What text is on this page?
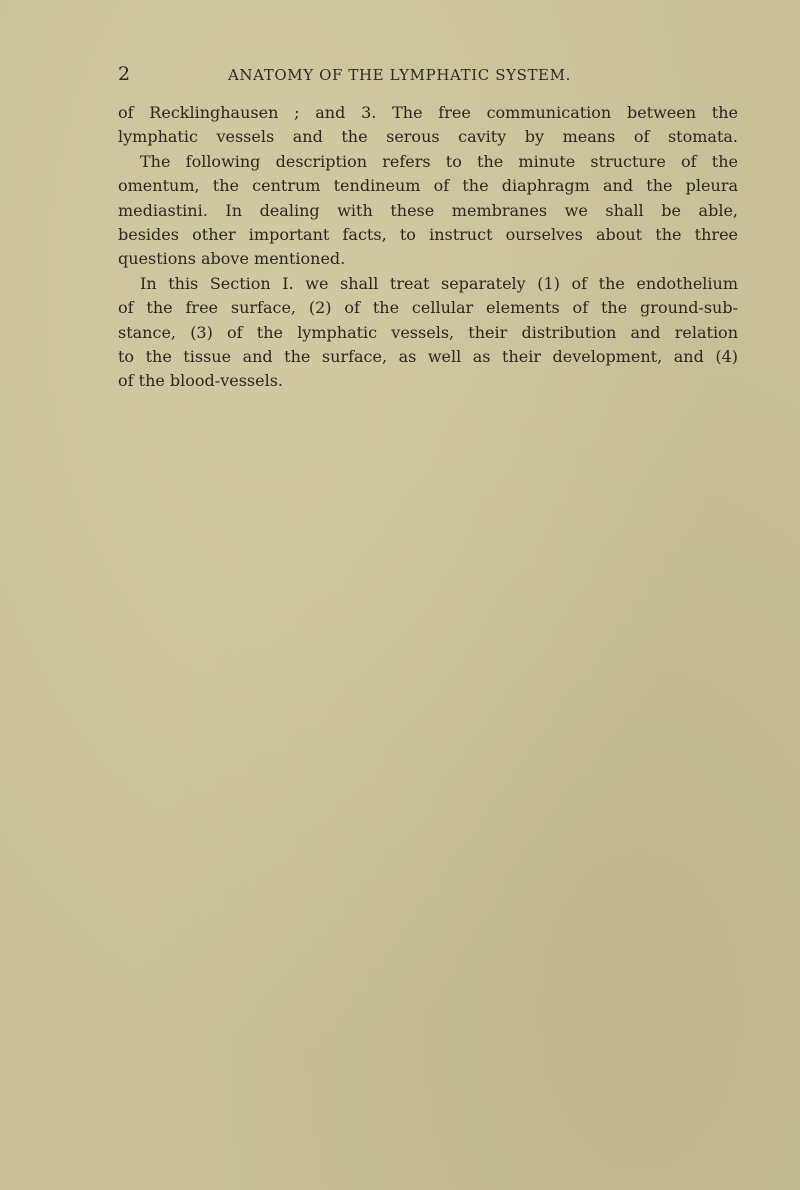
2	ANATOMY OF THE LYMPHATIC SYSTEM.
of Recklinghausen ; and 3. The free communication between the
lymphatic vessels and the serous cavity by means of stomata.
The following description refers to the minute structure of the
omentum, the centrum tendineum of the diaphragm and the pleura
mediastini. In dealing with these membranes we shall be able,
besides other important facts, to instruct ourselves about the three
questions above mentioned.
In this Section I. we shall treat separately (1) of the endothelium
of the free surface, (2) of the cellular elements of the ground-sub-
stance, (3) of the lymphatic vessels, their distribution and relation
to the tissue and the surface, as well as their development, and (4)
of the blood-vessels.
